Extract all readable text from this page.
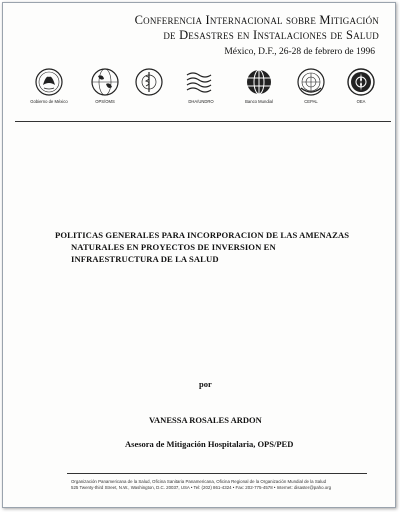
Conferencia Internacional sobre Mitigación
de Desastres en Instalaciones de Salud
México, D.F., 26-28 de febrero de 1996
Gobierno de México	OPS/OMS	DHA/UNDRO	Banco Mundial	CEPAL	OEA
POLITICAS GENERALES PARA INCORPORACION DE LAS AMENAZAS
NATURALES EN PROYECTOS DE INVERSION EN
INFRAESTRUCTURA DE LA SALUD
por
VANESSA ROSALES ARDON
Asesora de Mitigación Hospitalaria, OPS/PED
Organización Panamericana de la Salud, Oficina Sanitaria Panamericana, Oficina Regional de la Organización Mundial de la Salud
525 Twenty-third Street, N.W., Washington, D.C. 20037, USA • Tel: (202) 861-4324 • Fax: 202-775-4578 • Internet: disaster@paho.org
